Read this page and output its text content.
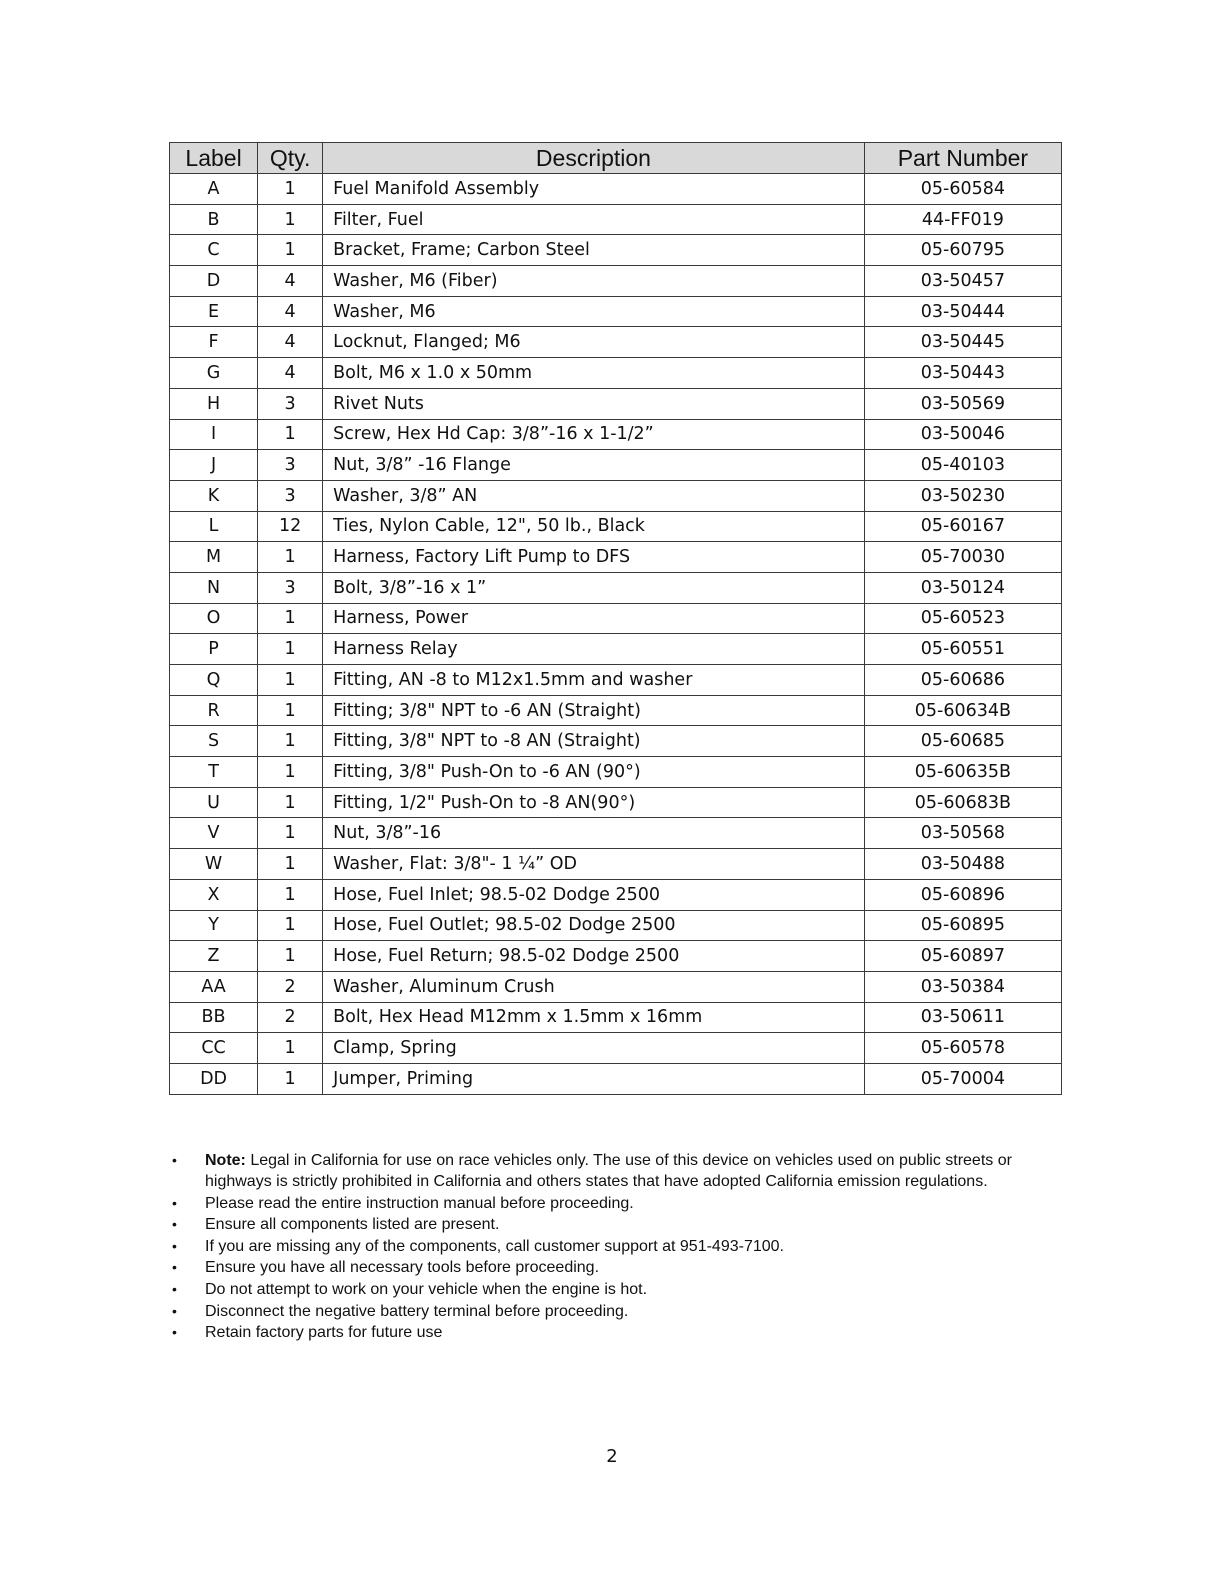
Label	Qty.	Description	Part Number
A	1	Fuel Manifold Assembly	05-60584
B	1	Filter, Fuel	44-FF019
C	1	Bracket, Frame; Carbon Steel	05-60795
D	4	Washer, M6 (Fiber)	03-50457
E	4	Washer, M6	03-50444
F	4	Locknut, Flanged; M6	03-50445
G	4	Bolt, M6 x 1.0 x 50mm	03-50443
H	3	Rivet Nuts	03-50569
I	1	Screw, Hex Hd Cap: 3/8”-16 x 1-1/2”	03-50046
J	3	Nut, 3/8” -16 Flange	05-40103
K	3	Washer, 3/8” AN	03-50230
L	12	Ties, Nylon Cable, 12", 50 lb., Black	05-60167
M	1	Harness, Factory Lift Pump to DFS	05-70030
N	3	Bolt, 3/8”-16 x 1”	03-50124
O	1	Harness, Power	05-60523
P	1	Harness Relay	05-60551
Q	1	Fitting, AN -8 to M12x1.5mm and washer	05-60686
R	1	Fitting; 3/8" NPT to -6 AN (Straight)	05-60634B
S	1	Fitting, 3/8" NPT to -8 AN (Straight)	05-60685
T	1	Fitting, 3/8" Push-On to -6 AN (90°)	05-60635B
U	1	Fitting, 1/2" Push-On to -8 AN(90°)	05-60683B
V	1	Nut, 3/8”-16	03-50568
W	1	Washer, Flat: 3/8"- 1 ¼” OD	03-50488
X	1	Hose, Fuel Inlet; 98.5-02 Dodge 2500	05-60896
Y	1	Hose, Fuel Outlet; 98.5-02 Dodge 2500	05-60895
Z	1	Hose, Fuel Return; 98.5-02 Dodge 2500	05-60897
AA	2	Washer, Aluminum Crush	03-50384
BB	2	Bolt, Hex Head M12mm x 1.5mm x 16mm	03-50611
CC	1	Clamp, Spring	05-60578
DD	1	Jumper, Priming	05-70004
• Note: Legal in California for use on race vehicles only. The use of this device on vehicles used on public streets or highways is strictly prohibited in California and others states that have adopted California emission regulations.
• Please read the entire instruction manual before proceeding.
• Ensure all components listed are present.
• If you are missing any of the components, call customer support at 951-493-7100.
• Ensure you have all necessary tools before proceeding.
• Do not attempt to work on your vehicle when the engine is hot.
• Disconnect the negative battery terminal before proceeding.
• Retain factory parts for future use
2
